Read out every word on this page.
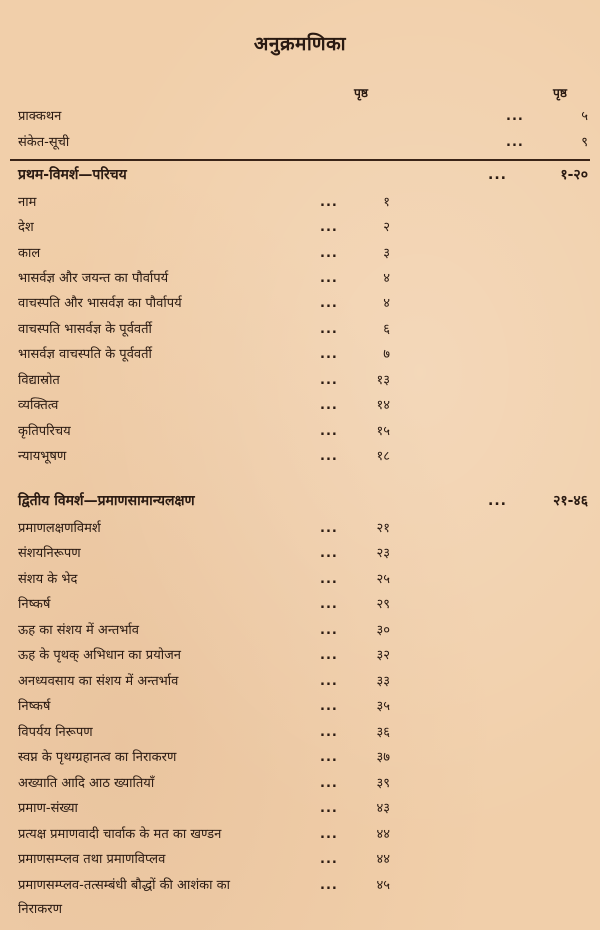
अनुक्रमणिका
पृष्ठ	पृष्ठ
प्राक्कथन	...	५
संकेत-सूची	...	९
प्रथम-विमर्श—परिचय	...	१-२०
नाम	...	१
देश	...	२
काल	...	३
भासर्वज्ञ और जयन्त का पौर्वापर्य	...	४
वाचस्पति और भासर्वज्ञ का पौर्वापर्य	...	४
वाचस्पति भासर्वज्ञ के पूर्ववर्ती	...	६
भासर्वज्ञ वाचस्पति के पूर्ववर्ती	...	७
विद्यास्रोत	...	१३
व्यक्तित्व	...	१४
कृतिपरिचय	...	१५
न्यायभूषण	...	१८
द्वितीय विमर्श—प्रमाणसामान्यलक्षण	...	२१-४६
प्रमाणलक्षणविमर्श	...	२१
संशयनिरूपण	...	२३
संशय के भेद	...	२५
निष्कर्ष	...	२९
ऊह का संशय में अन्तर्भाव	...	३०
ऊह के पृथक् अभिधान का प्रयोजन	...	३२
अनध्यवसाय का संशय में अन्तर्भाव	...	३३
निष्कर्ष	...	३५
विपर्यय निरूपण	...	३६
स्वप्न के पृथग्ग्रहानत्व का निराकरण	...	३७
अख्याति आदि आठ ख्यातियाँ	...	३९
प्रमाण-संख्या	...	४३
प्रत्यक्ष प्रमाणवादी चार्वाक के मत का खण्डन	...	४४
प्रमाणसम्प्लव तथा प्रमाणविप्लव	...	४४
प्रमाणसम्प्लव-तत्सम्बंधी बौद्धों की आशंका का	...	४५
निराकरण
